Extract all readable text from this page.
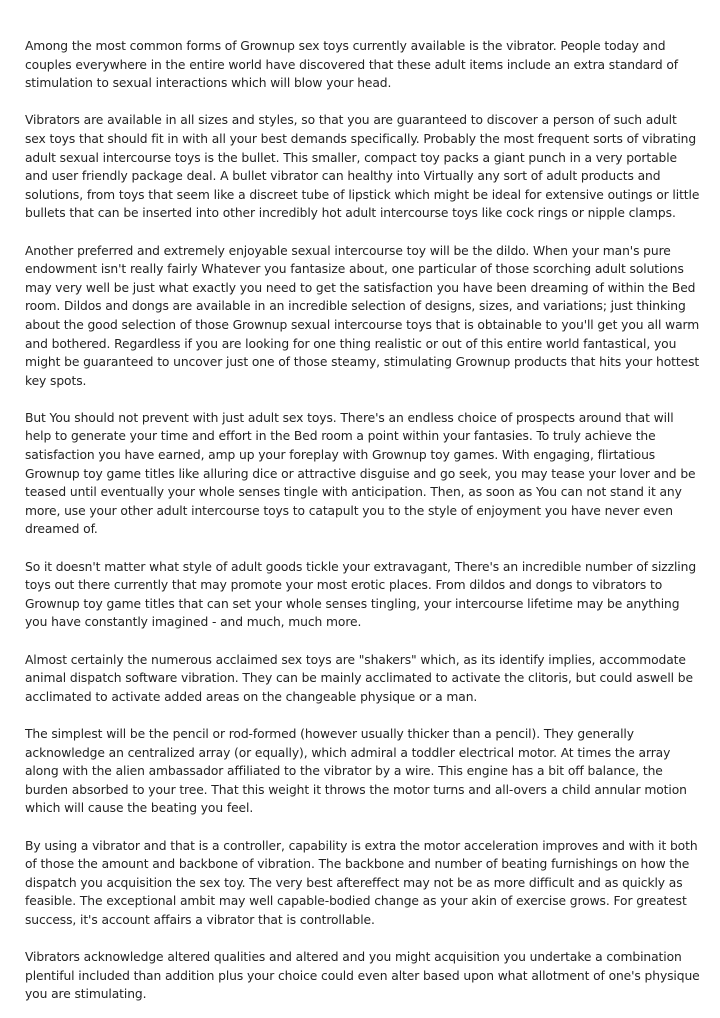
Among the most common forms of Grownup sex toys currently available is the vibrator. People today and couples everywhere in the entire world have discovered that these adult items include an extra standard of stimulation to sexual interactions which will blow your head.

Vibrators are available in all sizes and styles, so that you are guaranteed to discover a person of such adult sex toys that should fit in with all your best demands specifically. Probably the most frequent sorts of vibrating adult sexual intercourse toys is the bullet. This smaller, compact toy packs a giant punch in a very portable and user friendly package deal. A bullet vibrator can healthy into Virtually any sort of adult products and solutions, from toys that seem like a discreet tube of lipstick which might be ideal for extensive outings or little bullets that can be inserted into other incredibly hot adult intercourse toys like cock rings or nipple clamps.

Another preferred and extremely enjoyable sexual intercourse toy will be the dildo. When your man's pure endowment isn't really fairly Whatever you fantasize about, one particular of those scorching adult solutions may very well be just what exactly you need to get the satisfaction you have been dreaming of within the Bed room. Dildos and dongs are available in an incredible selection of designs, sizes, and variations; just thinking about the good selection of those Grownup sexual intercourse toys that is obtainable to you'll get you all warm and bothered. Regardless if you are looking for one thing realistic or out of this entire world fantastical, you might be guaranteed to uncover just one of those steamy, stimulating Grownup products that hits your hottest key spots.

But You should not prevent with just adult sex toys. There's an endless choice of prospects around that will help to generate your time and effort in the Bed room a point within your fantasies. To truly achieve the satisfaction you have earned, amp up your foreplay with Grownup toy games. With engaging, flirtatious Grownup toy game titles like alluring dice or attractive disguise and go seek, you may tease your lover and be teased until eventually your whole senses tingle with anticipation. Then, as soon as You can not stand it any more, use your other adult intercourse toys to catapult you to the style of enjoyment you have never even dreamed of.

So it doesn't matter what style of adult goods tickle your extravagant, There's an incredible number of sizzling toys out there currently that may promote your most erotic places. From dildos and dongs to vibrators to Grownup toy game titles that can set your whole senses tingling, your intercourse lifetime may be anything you have constantly imagined - and much, much more.

Almost certainly the numerous acclaimed sex toys are "shakers" which, as its identify implies, accommodate animal dispatch software vibration. They can be mainly acclimated to activate the clitoris, but could aswell be acclimated to activate added areas on the changeable physique or a man.

The simplest will be the pencil or rod-formed (however usually thicker than a pencil). They generally acknowledge an centralized array (or equally), which admiral a toddler electrical motor. At times the array along with the alien ambassador affiliated to the vibrator by a wire. This engine has a bit off balance, the burden absorbed to your tree. That this weight it throws the motor turns and all-overs a child annular motion which will cause the beating you feel.

By using a vibrator and that is a controller, capability is extra the motor acceleration improves and with it both of those the amount and backbone of vibration. The backbone and number of beating furnishings on how the dispatch you acquisition the sex toy. The very best aftereffect may not be as more difficult and as quickly as feasible. The exceptional ambit may well capable-bodied change as your akin of exercise grows. For greatest success, it's account affairs a vibrator that is controllable.

Vibrators acknowledge altered qualities and altered and you might acquisition you undertake a combination plentiful included than addition plus your choice could even alter based upon what allotment of one's physique you are stimulating.
